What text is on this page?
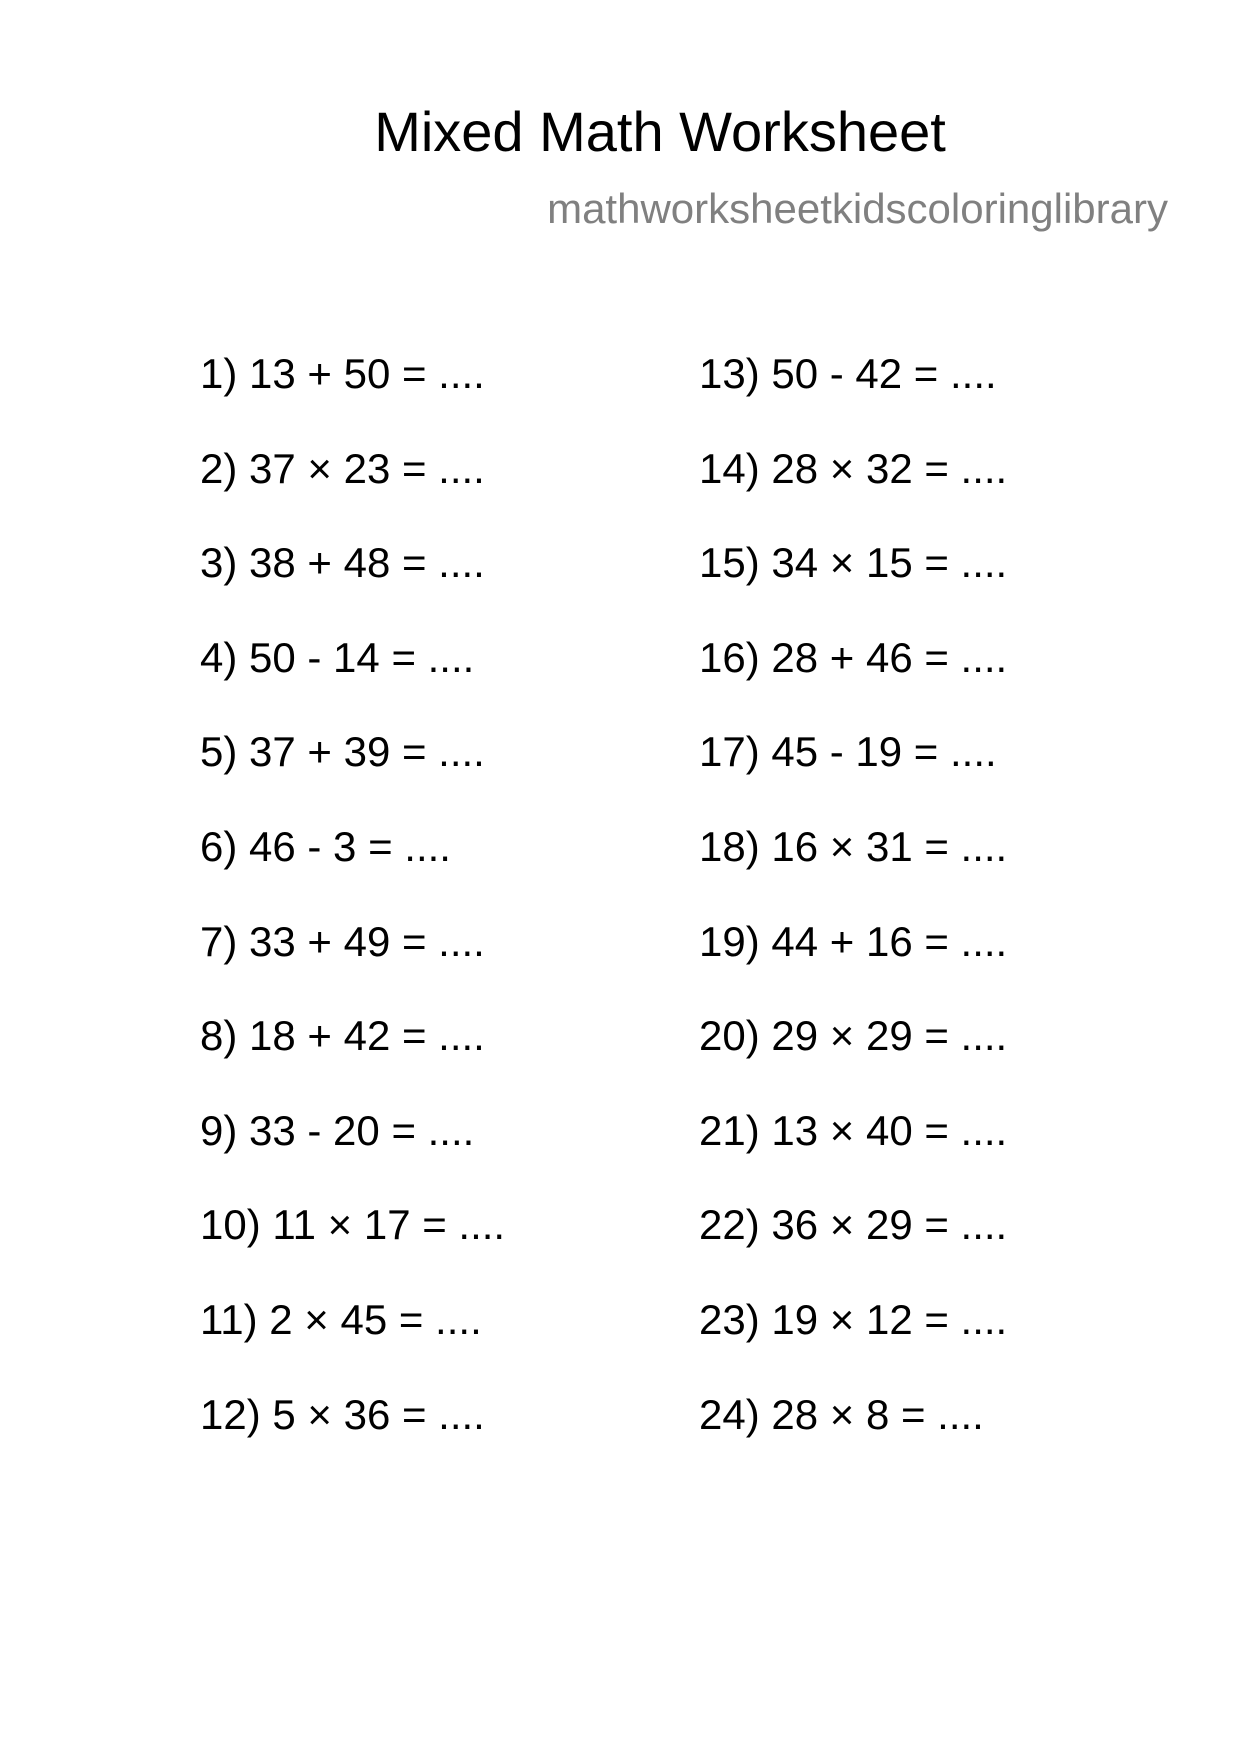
Mixed Math Worksheet
mathworksheetkidscoloringlibrary
1) 13 + 50 = ....
2) 37 × 23 = ....
3) 38 + 48 = ....
4) 50 - 14 = ....
5) 37 + 39 = ....
6) 46 - 3 = ....
7) 33 + 49 = ....
8) 18 + 42 = ....
9) 33 - 20 = ....
10) 11 × 17 = ....
11) 2 × 45 = ....
12) 5 × 36 = ....
13) 50 - 42 = ....
14) 28 × 32 = ....
15) 34 × 15 = ....
16) 28 + 46 = ....
17) 45 - 19 = ....
18) 16 × 31 = ....
19) 44 + 16 = ....
20) 29 × 29 = ....
21) 13 × 40 = ....
22) 36 × 29 = ....
23) 19 × 12 = ....
24) 28 × 8 = ....
